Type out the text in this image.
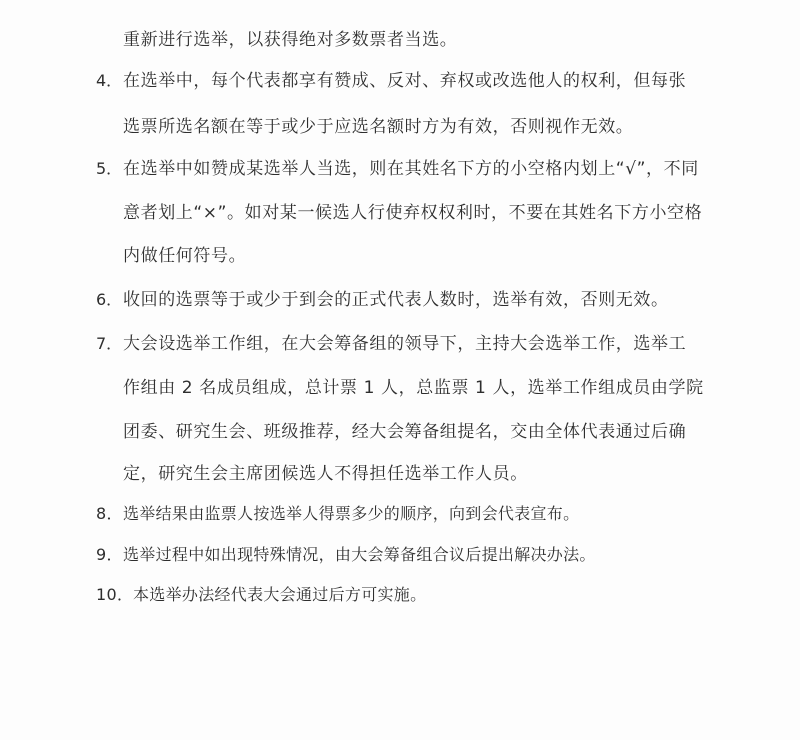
重新进行选举，以获得绝对多数票者当选。
4． 在选举中，每个代表都享有赞成、反对、弃权或改选他人的权利，但每张
选票所选名额在等于或少于应选名额时方为有效，否则视作无效。
5． 在选举中如赞成某选举人当选，则在其姓名下方的小空格内划上“√”，不同
意者划上“×”。如对某一候选人行使弃权权利时，不要在其姓名下方小空格
内做任何符号。
6． 收回的选票等于或少于到会的正式代表人数时，选举有效，否则无效。
7． 大会设选举工作组，在大会筹备组的领导下，主持大会选举工作，选举工
作组由 2 名成员组成，总计票 1 人，总监票 1 人，选举工作组成员由学院
团委、研究生会、班级推荐，经大会筹备组提名，交由全体代表通过后确
定，研究生会主席团候选人不得担任选举工作人员。
8． 选举结果由监票人按选举人得票多少的顺序，向到会代表宣布。
9． 选举过程中如出现特殊情况，由大会筹备组合议后提出解决办法。
10． 本选举办法经代表大会通过后方可实施。
